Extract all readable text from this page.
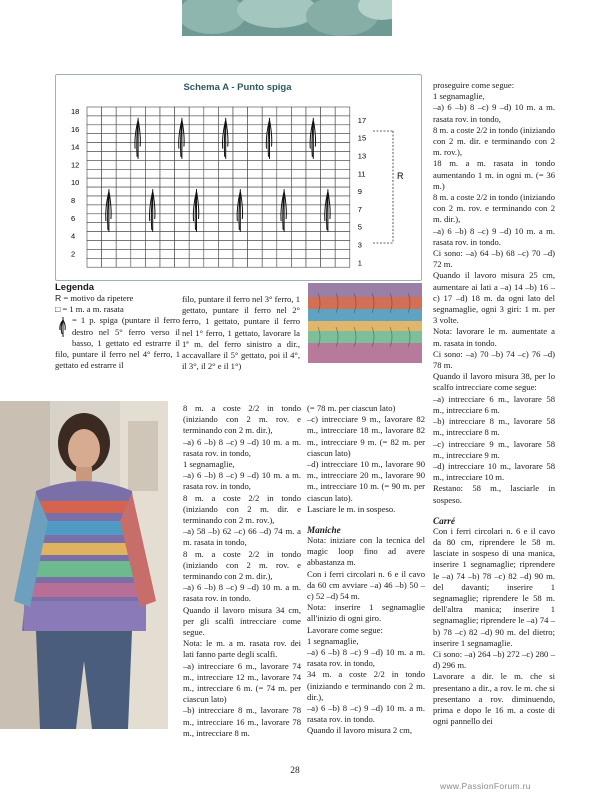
Schema A - Punto spiga
18
16
14
12
10
8
6
4
2
17
15
13
11
9
7
5
3
1
R
Legenda
R = motivo da ripetere
□ = 1 m. a m. rasata
= 1 p. spiga (puntare il ferro destro nel 5° ferro verso il basso, 1 gettato ed estrarre il filo, puntare il ferro nel 4° ferro, 1 gettato ed estrarre il
filo, puntare il ferro nel 3° ferro, 1 gettato, puntare il ferro nel 2° ferro, 1 gettato, puntare il ferro nel 1° ferro, 1 gettato, lavorare la 1ª m. del ferro sinistro a dir., accavallare il 5° gettato, poi il 4°, il 3°, il 2° e il 1°)
8 m. a coste 2/2 in tondo (iniziando con 2 m. rov. e terminando con 2 m. dir.),
–a) 6 –b) 8 –c) 9 –d) 10 m. a m. rasata rov. in tondo,
1 segnamaglie,
–a) 6 –b) 8 –c) 9 –d) 10 m. a m. rasata rov. in tondo,
8 m. a coste 2/2 in tondo (iniziando con 2 m. dir. e terminando con 2 m. rov.),
–a) 58 –b) 62 –c) 66 –d) 74 m. a m. rasata in tondo,
8 m. a coste 2/2 in tondo (iniziando con 2 m. rov. e terminando con 2 m. dir.),
–a) 6 –b) 8 –c) 9 –d) 10 m. a m. rasata rov. in tondo.
Quando il lavoro misura 34 cm, per gli scalfi intrecciare come segue.
Nota: le m. a m. rasata rov. dei lati fanno parte degli scalfi.
–a) intrecciare 6 m., lavorare 74 m., intrecciare 12 m., lavorare 74 m., intrecciare 6 m. (= 74 m. per ciascun lato)
–b) intrecciare 8 m., lavorare 78 m., intrecciare 16 m., lavorare 78 m., intrecciare 8 m.
(= 78 m. per ciascun lato)
–c) intrecciare 9 m., lavorare 82 m., intrecciare 18 m., lavorare 82 m., intrecciare 9 m. (= 82 m. per ciascun lato)
–d) intrecciare 10 m., lavorare 90 m., intrecciare 20 m., lavorare 90 m., intrecciare 10 m. (= 90 m. per ciascun lato).
Lasciare le m. in sospeso.
Maniche
Nota: iniziare con la tecnica del magic loop fino ad avere abbastanza m.
Con i ferri circolari n. 6 e il cavo da 60 cm avviare –a) 46 –b) 50 –c) 52 –d) 54 m.
Nota: inserire 1 segnamaglie all'inizio di ogni giro.
Lavorare come segue:
1 segnamaglie,
–a) 6 –b) 8 –c) 9 –d) 10 m. a m. rasata rov. in tondo,
34 m. a coste 2/2 in tondo (iniziando e terminando con 2 m. dir.),
–a) 6 –b) 8 –c) 9 –d) 10 m. a m. rasata rov. in tondo.
Quando il lavoro misura 2 cm,
proseguire come segue:
1 segnamaglie,
–a) 6 –b) 8 –c) 9 –d) 10 m. a m. rasata rov. in tondo,
8 m. a coste 2/2 in tondo (iniziando con 2 m. dir. e terminando con 2 m. rov.),
18 m. a m. rasata in tondo aumentando 1 m. in ogni m. (= 36 m.)
8 m. a coste 2/2 in tondo (iniziando con 2 m. rov. e terminando con 2 m. dir.),
–a) 6 –b) 8 –c) 9 –d) 10 m. a m. rasata rov. in tondo.
Ci sono: –a) 64 –b) 68 –c) 70 –d) 72 m.
Quando il lavoro misura 25 cm, aumentare ai lati a –a) 14 –b) 16 –c) 17 –d) 18 m. da ogni lato del segnamaglie, ogni 3 giri: 1 m. per 3 volte.
Nota: lavorare le m. aumentate a m. rasata in tondo.
Ci sono: –a) 70 –b) 74 –c) 76 –d) 78 m.
Quando il lavoro misura 38, per lo scalfo intrecciare come segue:
–a) intrecciare 6 m., lavorare 58 m., intrecciare 6 m.
–b) intrecciare 8 m., lavorare 58 m., intrecciare 8 m.
–c) intrecciare 9 m., lavorare 58 m., intrecciare 9 m.
–d) intrecciare 10 m., lavorare 58 m., intrecciare 10 m.
Restano: 58 m., lasciarle in sospeso.
Carré
Con i ferri circolari n. 6 e il cavo da 80 cm, riprendere le 58 m. lasciate in sospeso di una manica, inserire 1 segnamaglie; riprendere le –a) 74 –b) 78 –c) 82 –d) 90 m. del davanti; inserire 1 segnamaglie; riprendere le 58 m. dell'altra manica; inserire 1 segnamaglie; riprendere le –a) 74 –b) 78 –c) 82 –d) 90 m. del dietro; inserire 1 segnamaglie.
Ci sono: –a) 264 –b) 272 –c) 280 –d) 296 m.
Lavorare a dir. le m. che si presentano a dir., a rov. le m. che si presentano a rov. diminuendo, prima e dopo le 16 m. a coste di ogni pannello dei
28
www.PassionForum.ru
